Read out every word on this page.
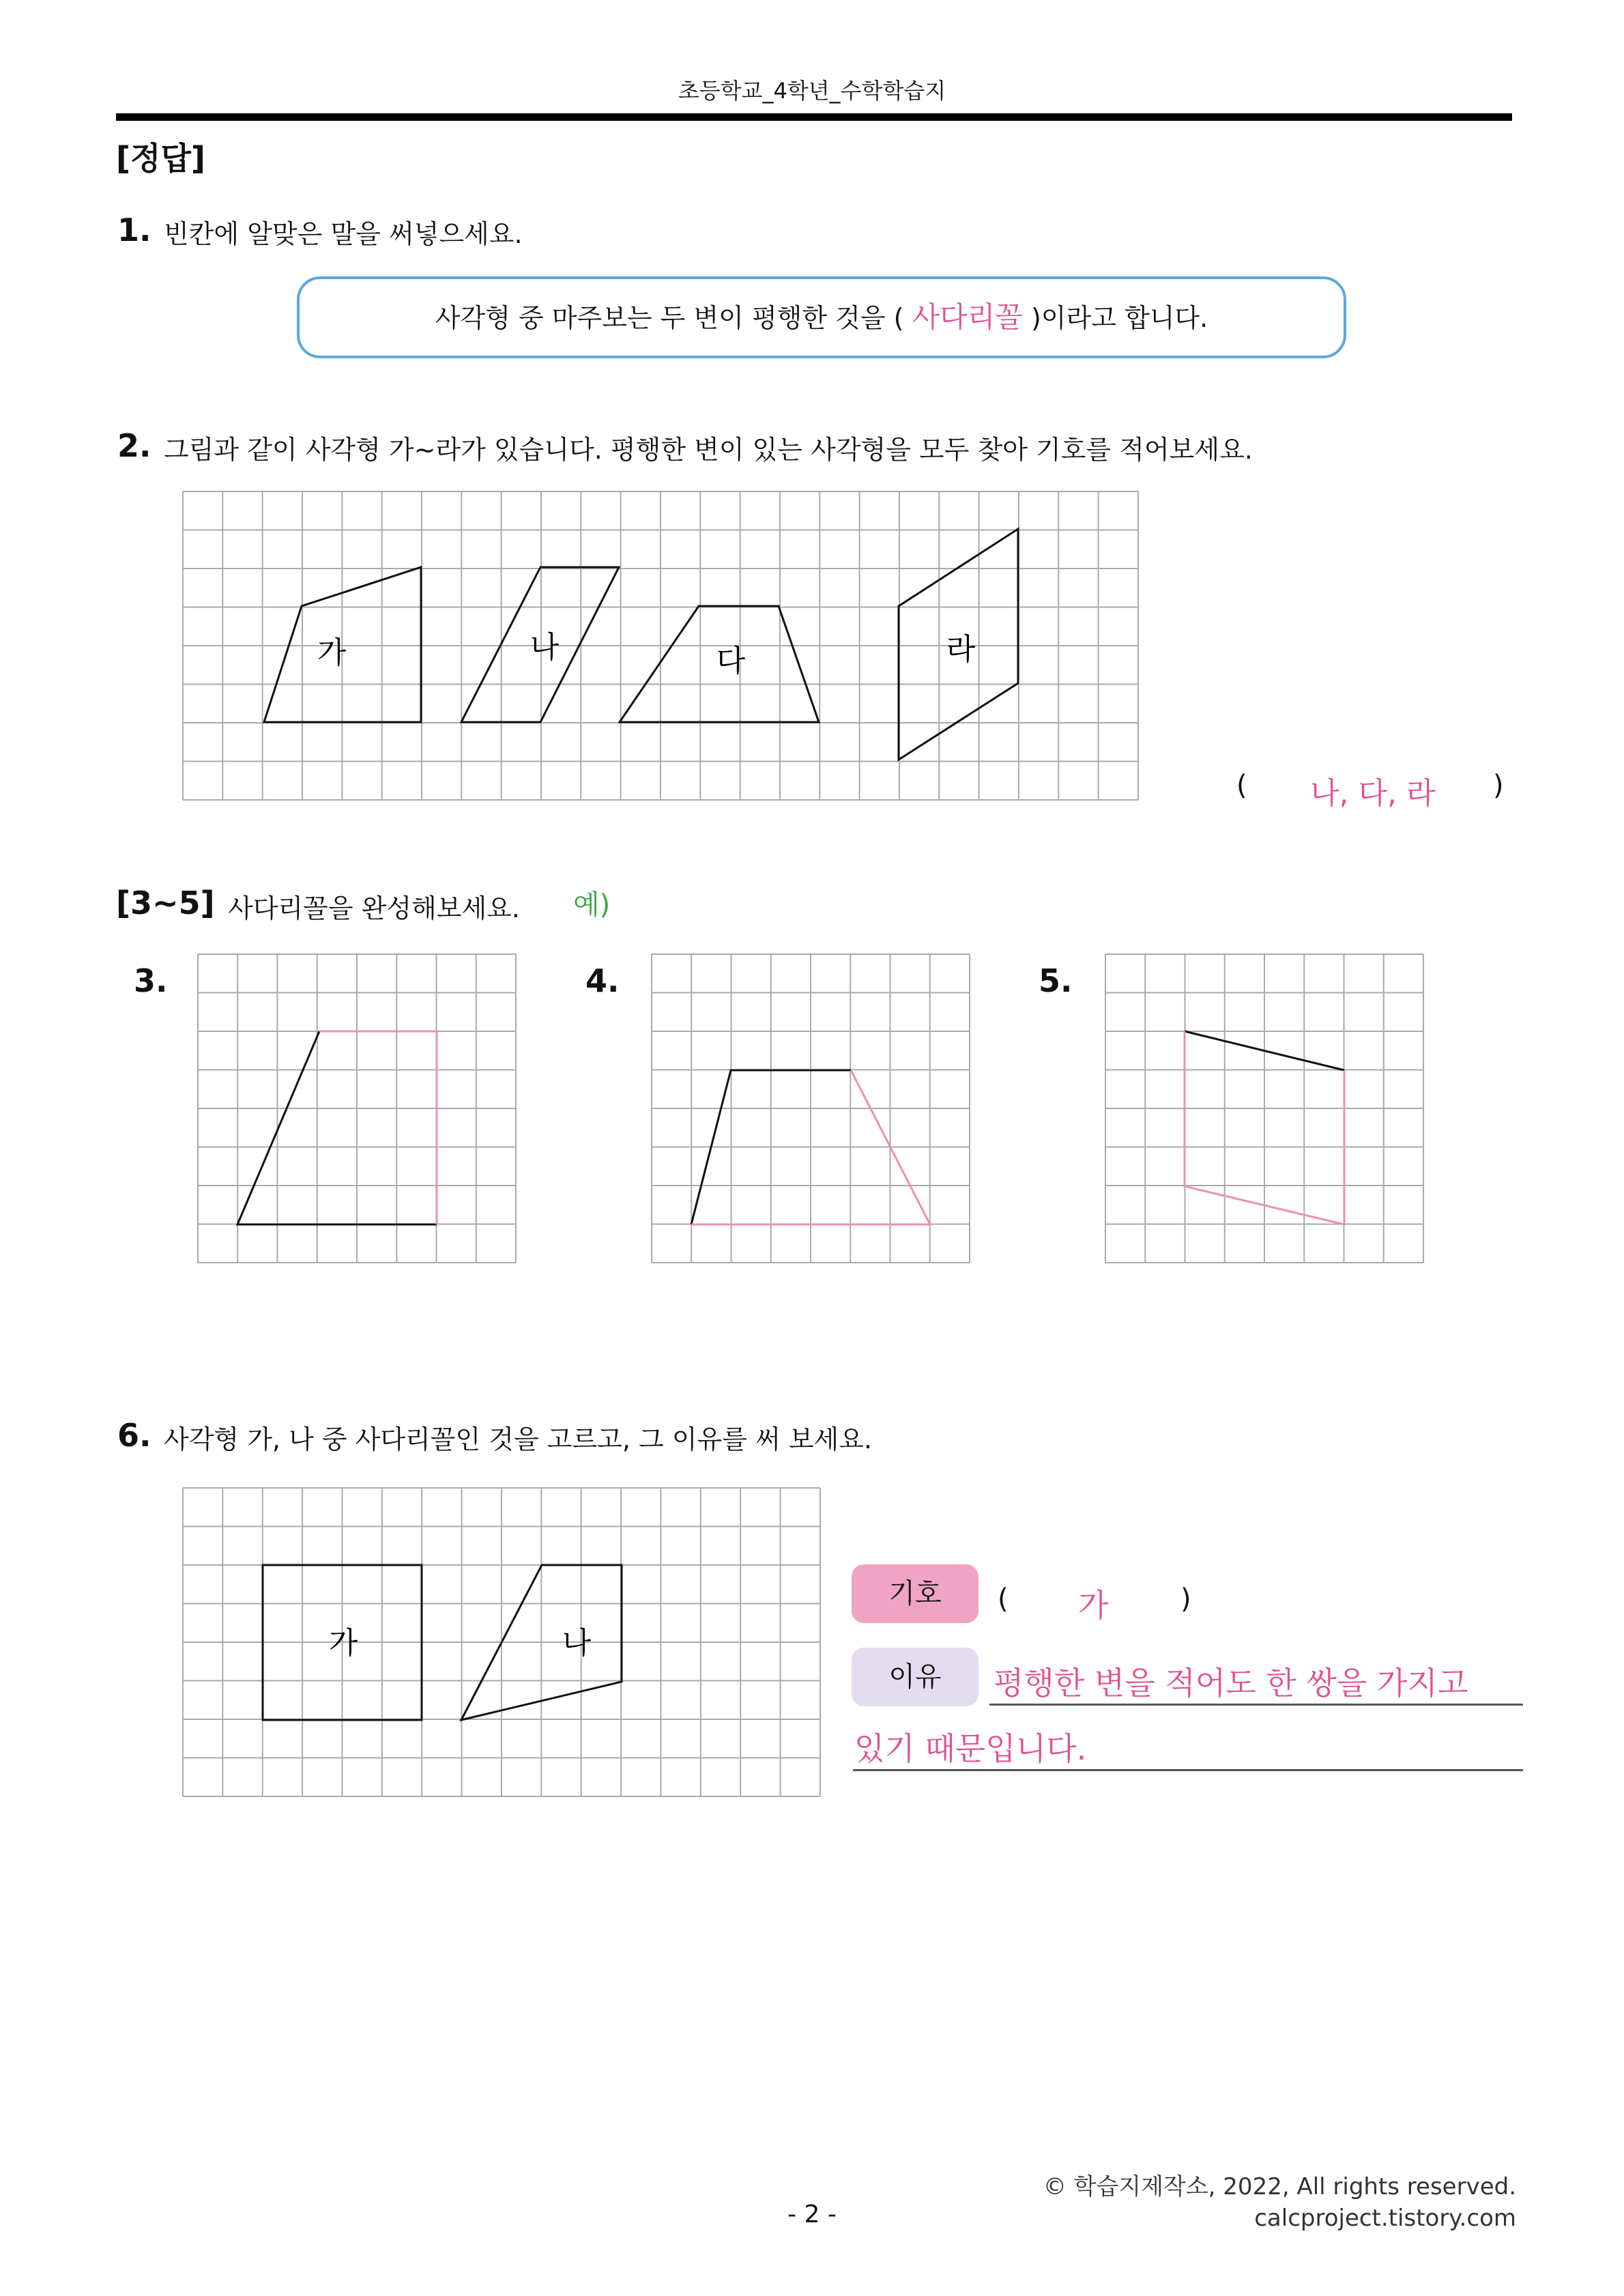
초등학교_4학년_수학학습지
[정답]
1. 빈칸에 알맞은 말을 써넣으세요.
사각형 중 마주보는 두 변이 평행한 것을 ( 사다리꼴 )이라고 합니다.
2. 그림과 같이 사각형 가~라가 있습니다. 평행한 변이 있는 사각형을 모두 찾아 기호를 적어보세요.
가	나	다	라
( 나, 다, 라 )
[3~5] 사다리꼴을 완성해보세요. 예)
3.	4.	5.
6. 사각형 가, 나 중 사다리꼴인 것을 고르고, 그 이유를 써 보세요.
가	나
기호	( 가	)
이유	평행한 변을 적어도 한 쌍을 가지고
있기 때문입니다.
- 2 -
© 학습지제작소, 2022, All rights reserved.
calcproject.tistory.com
